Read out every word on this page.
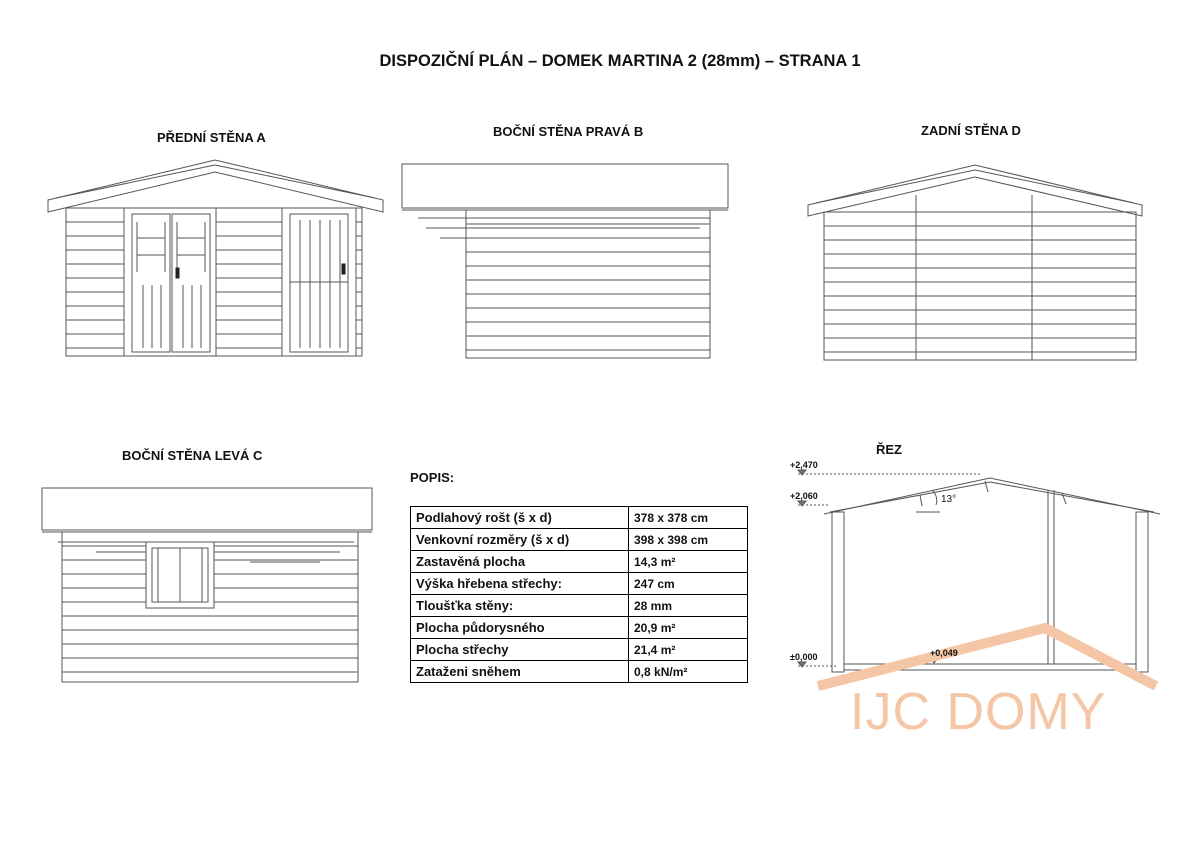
DISPOZIČNÍ PLÁN – DOMEK MARTINA 2 (28mm) – STRANA 1
PŘEDNÍ STĚNA A	BOČNÍ STĚNA PRAVÁ B	ZADNÍ STĚNA D
BOČNÍ STĚNA LEVÁ C	ŘEZ
+2,470
+2,060
±0,000	+0,049
13°
POPIS:
Podlahový rošt (š x d)	378 x 378 cm
Venkovní rozměry (š x d)	398 x 398 cm
Zastavěná plocha	14,3 m²
Výška hřebena střechy:	247 cm
Tloušťka stěny:	28 mm
Plocha půdorysného	20,9 m²
Plocha střechy	21,4 m²
Zataženi sněhem	0,8 kN/m²
IJC DOMY
